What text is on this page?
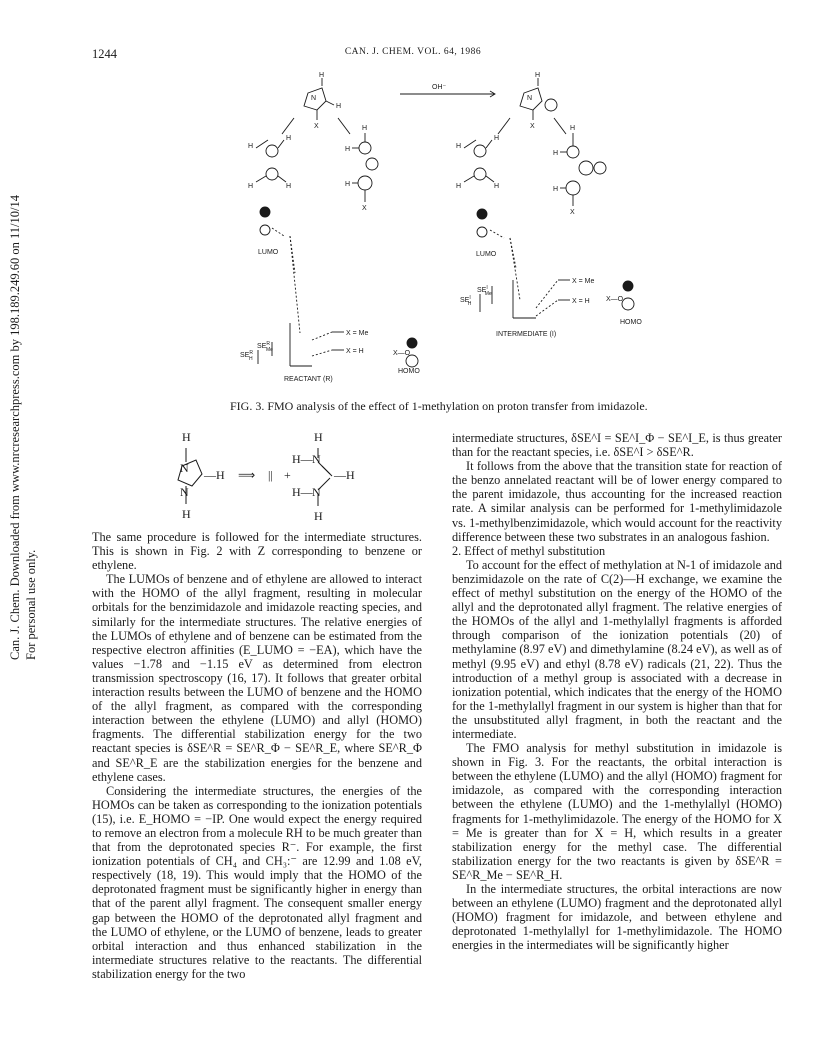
Can. J. Chem. Downloaded from www.nrcresearchpress.com by 198.189.249.60 on 11/10/14 For personal use only.
1244	CAN. J. CHEM. VOL. 64, 1986
H
N
H
X
H
H
H	H
H
H
H
X
OH⁻
H
N
X
H
H
H	H
H
H
H
X
LUMO	LUMO
X = Me
X = H	X—O
HOMO
REACTANT (R)
$SE^R$ Me
$SE^R$ H
X = Me
X = H X—O
HOMO
INTERMEDIATE (I)
$SE^I$ Me
$SE^I$ H
FIG. 3. FMO analysis of the effect of 1-methylation on proton transfer from imidazole.
H
N —H
N
H
⟹ || +
H
H— N
—H
H— N
H

The same procedure is followed for the intermediate structures. This is shown in Fig. 2 with Z corresponding to benzene or ethylene.

The LUMOs of benzene and of ethylene are allowed to interact with the HOMO of the allyl fragment, resulting in molecular orbitals for the benzimidazole and imidazole reacting species, and similarly for the intermediate structures. The relative energies of the LUMOs of ethylene and of benzene can be estimated from the respective electron affinities (E_LUMO = −EA), which have the values −1.78 and −1.15 eV as determined from electron transmission spectroscopy (16, 17). It follows that greater orbital interaction results between the LUMO of benzene and the HOMO of the allyl fragment, as compared with the corresponding interaction between the ethylene (LUMO) and allyl (HOMO) fragments. The differential stabilization energy for the two reactant species is δSE^R = SE^R_Φ − SE^R_E, where SE^R_Φ and SE^R_E are the stabilization energies for the benzene and ethylene cases.

Considering the intermediate structures, the energies of the HOMOs can be taken as corresponding to the ionization potentials (15), i.e. E_HOMO = −IP. One would expect the energy required to remove an electron from a molecule RH to be much greater than that from the deprotonated species R⁻. For example, the first ionization potentials of CH₄ and CH₃:⁻ are 12.99 and 1.08 eV, respectively (18, 19). This would imply that the HOMO of the deprotonated fragment must be significantly higher in energy than that of the parent allyl fragment. The consequent smaller energy gap between the HOMO of the deprotonated allyl fragment and the LUMO of ethylene, or the LUMO of benzene, leads to greater orbital interaction and thus enhanced stabilization in the intermediate structures relative to the reactants. The differential stabilization energy for the two

intermediate structures, δSE^I = SE^I_Φ − SE^I_E, is thus greater than for the reactant species, i.e. δSE^I > δSE^R.

It follows from the above that the transition state for reaction of the benzo annelated reactant will be of lower energy compared to the parent imidazole, thus accounting for the increased reaction rate. A similar analysis can be performed for 1-methylimidazole vs. 1-methylbenzimidazole, which would account for the reactivity difference between these two substrates in an analogous fashion.

2. Effect of methyl substitution

To account for the effect of methylation at N-1 of imidazole and benzimidazole on the rate of C(2)—H exchange, we examine the effect of methyl substitution on the energy of the HOMO of the allyl and the deprotonated allyl fragment. The relative energies of the HOMOs of the allyl and 1-methylallyl fragments is afforded through comparison of the ionization potentials (20) of methylamine (8.97 eV) and dimethylamine (8.24 eV), as well as of methyl (9.95 eV) and ethyl (8.78 eV) radicals (21, 22). Thus the introduction of a methyl group is associated with a decrease in ionization potential, which indicates that the energy of the HOMO for the 1-methylallyl fragment in our system is higher than that for the unsubstituted allyl fragment, in both the reactant and the intermediate.

The FMO analysis for methyl substitution in imidazole is shown in Fig. 3. For the reactants, the orbital interaction is between the ethylene (LUMO) and the allyl (HOMO) fragment for imidazole, as compared with the corresponding interaction between the ethylene (LUMO) and the 1-methylallyl (HOMO) fragments for 1-methylimidazole. The energy of the HOMO for X = Me is greater than for X = H, which results in a greater stabilization energy for the methyl case. The differential stabilization energy for the two reactants is given by δSE^R = SE^R_Me − SE^R_H.

In the intermediate structures, the orbital interactions are now between an ethylene (LUMO) fragment and the deprotonated allyl (HOMO) fragment for imidazole, and between ethylene and deprotonated 1-methylallyl for 1-methylimidazole. The HOMO energies in the intermediates will be significantly higher
